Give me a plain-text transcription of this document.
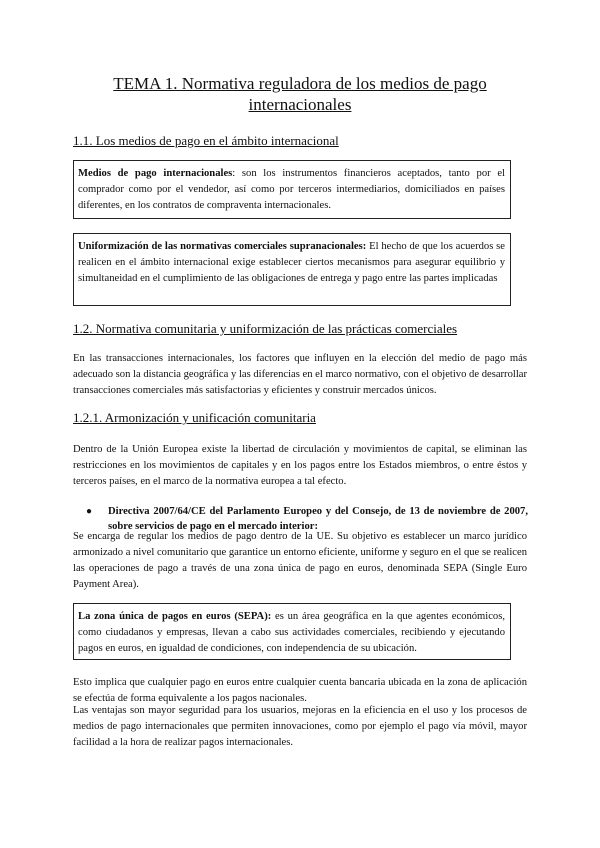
TEMA 1. Normativa reguladora de los medios de pago internacionales
1.1. Los medios de pago en el ámbito internacional
Medios de pago internacionales: son los instrumentos financieros aceptados, tanto por el comprador como por el vendedor, así como por terceros intermediarios, domiciliados en países diferentes, en los contratos de compraventa internacionales.
Uniformización de las normativas comerciales supranacionales: El hecho de que los acuerdos se realicen en el ámbito internacional exige establecer ciertos mecanismos para asegurar equilibrio y simultaneidad en el cumplimiento de las obligaciones de entrega y pago entre las partes implicadas
1.2. Normativa comunitaria y uniformización de las prácticas comerciales
En las transacciones internacionales, los factores que influyen en la elección del medio de pago más adecuado son la distancia geográfica y las diferencias en el marco normativo, con el objetivo de desarrollar transacciones comerciales más satisfactorias y eficientes y construir mercados únicos.
1.2.1. Armonización y unificación comunitaria
Dentro de la Unión Europea existe la libertad de circulación y movimientos de capital, se eliminan las restricciones en los movimientos de capitales y en los pagos entre los Estados miembros, o entre éstos y terceros países, en el marco de la normativa europea a tal efecto.
●	Directiva 2007/64/CE del Parlamento Europeo y del Consejo, de 13 de noviembre de 2007, sobre servicios de pago en el mercado interior:
Se encarga de regular los medios de pago dentro de la UE. Su objetivo es establecer un marco jurídico armonizado a nivel comunitario que garantice un entorno eficiente, uniforme y seguro en el que se realicen las operaciones de pago a través de una zona única de pago en euros, denominada SEPA (Single Euro Payment Area).
La zona única de pagos en euros (SEPA): es un área geográfica en la que agentes económicos, como ciudadanos y empresas, llevan a cabo sus actividades comerciales, recibiendo y ejecutando pagos en euros, en igualdad de condiciones, con independencia de su ubicación.
Esto implica que cualquier pago en euros entre cualquier cuenta bancaria ubicada en la zona de aplicación se efectúa de forma equivalente a los pagos nacionales.
Las ventajas son mayor seguridad para los usuarios, mejoras en la eficiencia en el uso y los procesos de medios de pago internacionales que permiten innovaciones, como por ejemplo el pago vía móvil, mayor facilidad a la hora de realizar pagos internacionales.
